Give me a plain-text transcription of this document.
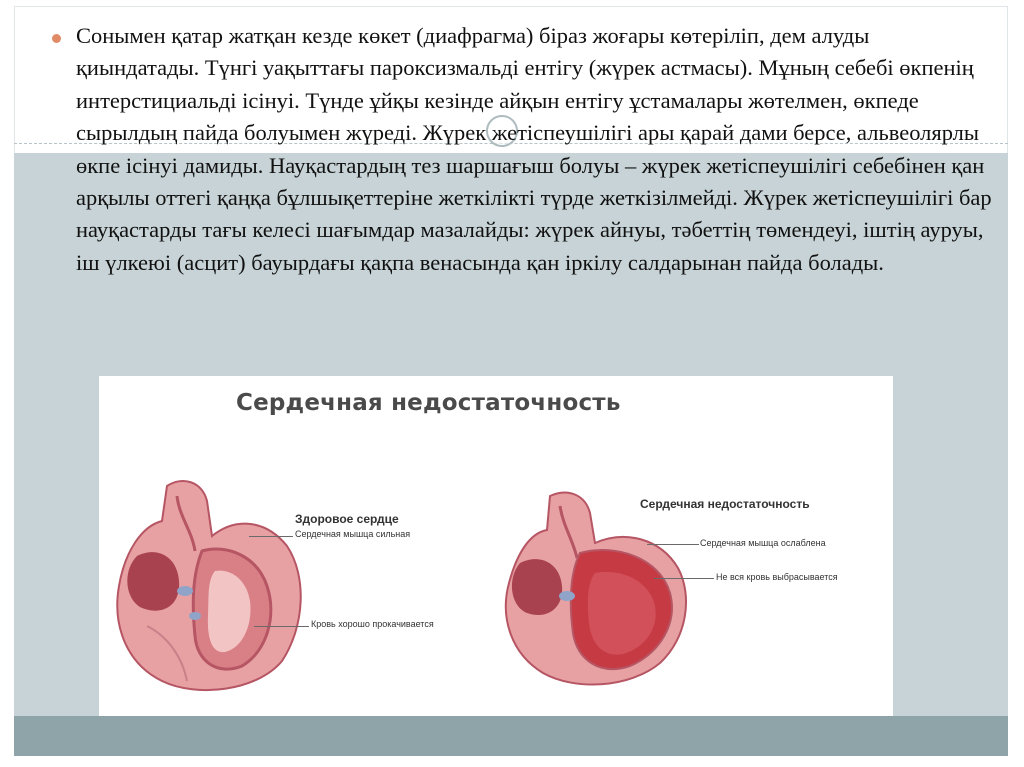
Сонымен қатар жатқан кезде көкет (диафрагма) біраз жоғары көтеріліп, дем алуды қиындатады. Түнгі уақыттағы пароксизмальді ентігу (жүрек астмасы). Мұның себебі өкпенің интерстициальді ісінуі. Түнде ұйқы кезінде айқын ентігу ұстамалары жөтелмен, өкпеде сырылдың пайда болуымен жүреді. Жүрек жетіспеушілігі ары қарай дами берсе, альвеолярлы өкпе ісінуі дамиды. Науқастардың тез шаршағыш болуы – жүрек жетіспеушілігі себебінен қан арқылы оттегі қаңқа бұлшықеттеріне жеткілікті түрде жеткізілмейді. Жүрек жетіспеушілігі бар науқастарды тағы келесі шағымдар мазалайды: жүрек айнуы, тәбеттің төмендеуі, іштің ауруы, іш үлкеюі (асцит) бауырдағы қақпа венасында қан іркілу салдарынан пайда болады.

Сердечная недостаточность
Здоровое сердце
Сердечная мышца сильная
Кровь хорошо прокачивается
Сердечная недостаточность
Сердечная мышца ослаблена
Не вся кровь выбрасывается
